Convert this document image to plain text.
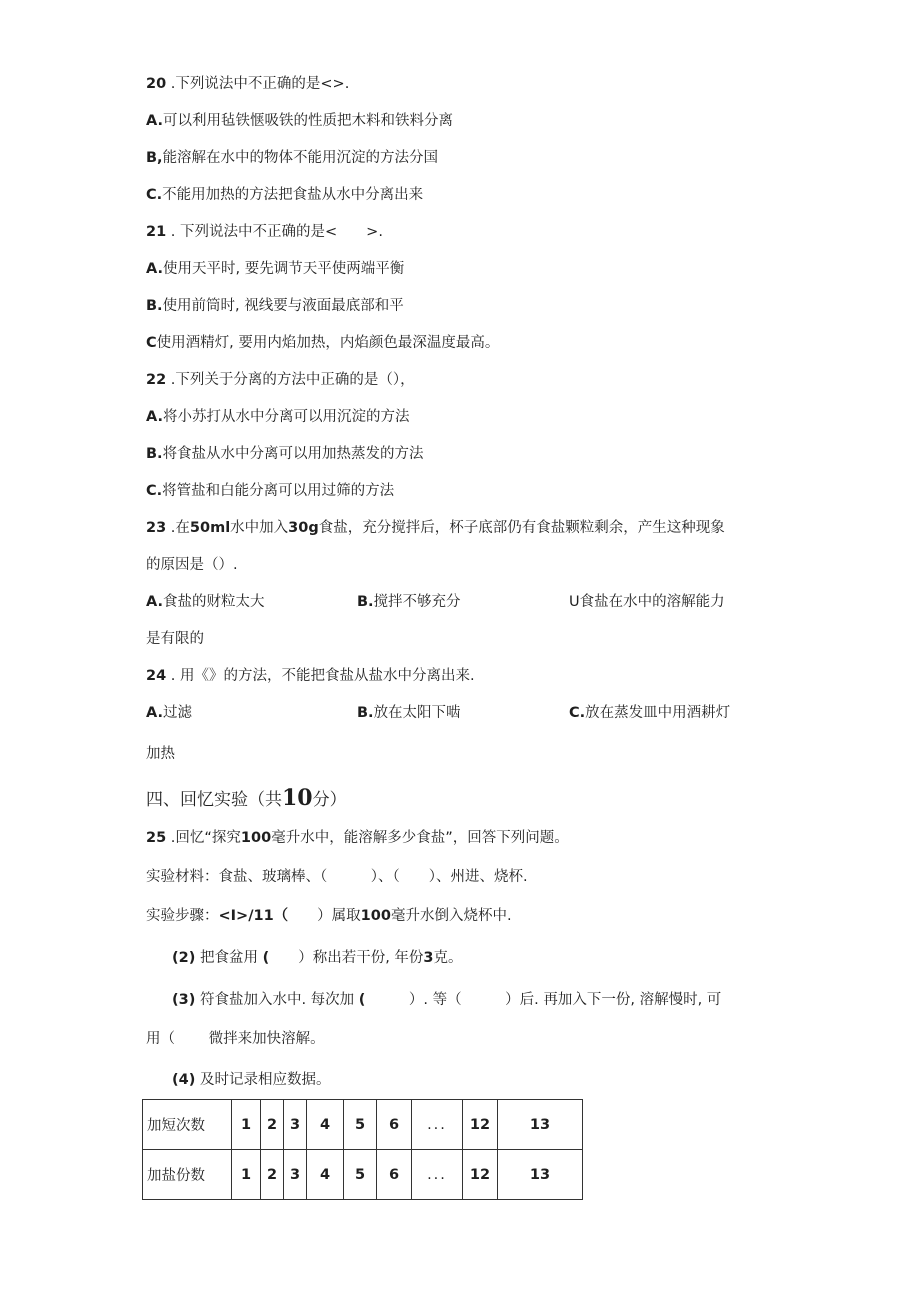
20 .下列说法中不正确的是<>.
A.可以利用毡铁惬吸铁的性质把木料和铁料分离
B,能溶解在水中的物体不能用沉淀的方法分国
C.不能用加热的方法把食盐从水中分离出来
21 . 下列说法中不正确的是<　　>.
A.使用天平时, 要先调节天平使两端平衡
B.使用前筒时, 视线要与液面最底部和平
C使用酒精灯, 要用内焰加热，内焰颜色最深温度最高。
22 .下列关于分离的方法中正确的是（），
A.将小苏打从水中分离可以用沉淀的方法
B.将食盐从水中分离可以用加热蒸发的方法
C.将管盐和白能分离可以用过筛的方法
23 .在50ml水中加入30g食盐，充分搅拌后，杯子底部仍有食盐颗粒剩余，产生这种现象
的原因是（）.
A.食盐的财粒太大	B.搅拌不够充分	U食盐在水中的溶解能力
是有限的
24 . 用《》的方法，不能把食盐从盐水中分离出来.
A.过滤	B.放在太阳下啮	C.放在蒸发皿中用酒耕灯
加热
四、回忆实验（共10分）
25 .回忆“探究100毫升水中，能溶解多少食盐”，回答下列问题。
实验材料：食盐、玻璃棒、（　　　）、（　　）、州进、烧杯.
实验步骤：<I>/11（　　）属取100毫升水倒入烧杯中.
(2) 把食盆用 (　　）称出若干份, 年份3克。
(3) 符食盐加入水中. 每次加 (　　　）. 等（　　　）后. 再加入下一份, 溶解慢时, 可
用（　　 微拌来加快溶解。
(4) 及时记录相应数据。
加短次数	1	2	3	4	5	6	...	12	13
加盐份数	1	2	3	4	5	6	...	12	13
